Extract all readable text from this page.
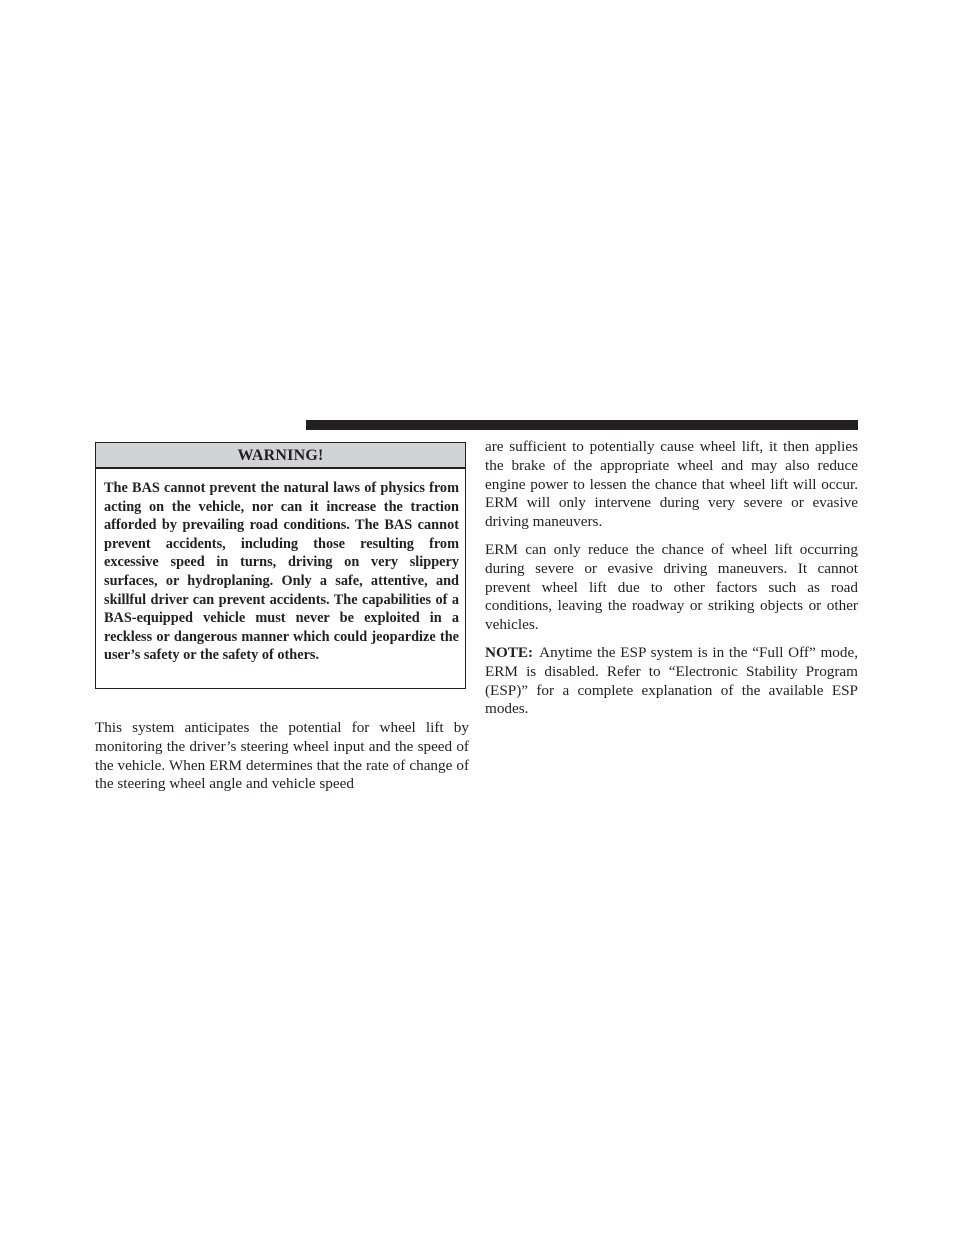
WARNING!
The BAS cannot prevent the natural laws of physics from acting on the vehicle, nor can it increase the traction afforded by prevailing road conditions. The BAS cannot prevent accidents, including those resulting from excessive speed in turns, driving on very slippery surfaces, or hydroplaning. Only a safe, attentive, and skillful driver can prevent accidents. The capabilities of a BAS-equipped vehicle must never be exploited in a reckless or dangerous manner which could jeopardize the user’s safety or the safety of others.

This system anticipates the potential for wheel lift by monitoring the driver’s steering wheel input and the speed of the vehicle. When ERM determines that the rate of change of the steering wheel angle and vehicle speed

are sufficient to potentially cause wheel lift, it then applies the brake of the appropriate wheel and may also reduce engine power to lessen the chance that wheel lift will occur. ERM will only intervene during very severe or evasive driving maneuvers.

ERM can only reduce the chance of wheel lift occurring during severe or evasive driving maneuvers. It cannot prevent wheel lift due to other factors such as road conditions, leaving the roadway or striking objects or other vehicles.

NOTE: Anytime the ESP system is in the “Full Off” mode, ERM is disabled. Refer to “Electronic Stability Program (ESP)” for a complete explanation of the available ESP modes.
